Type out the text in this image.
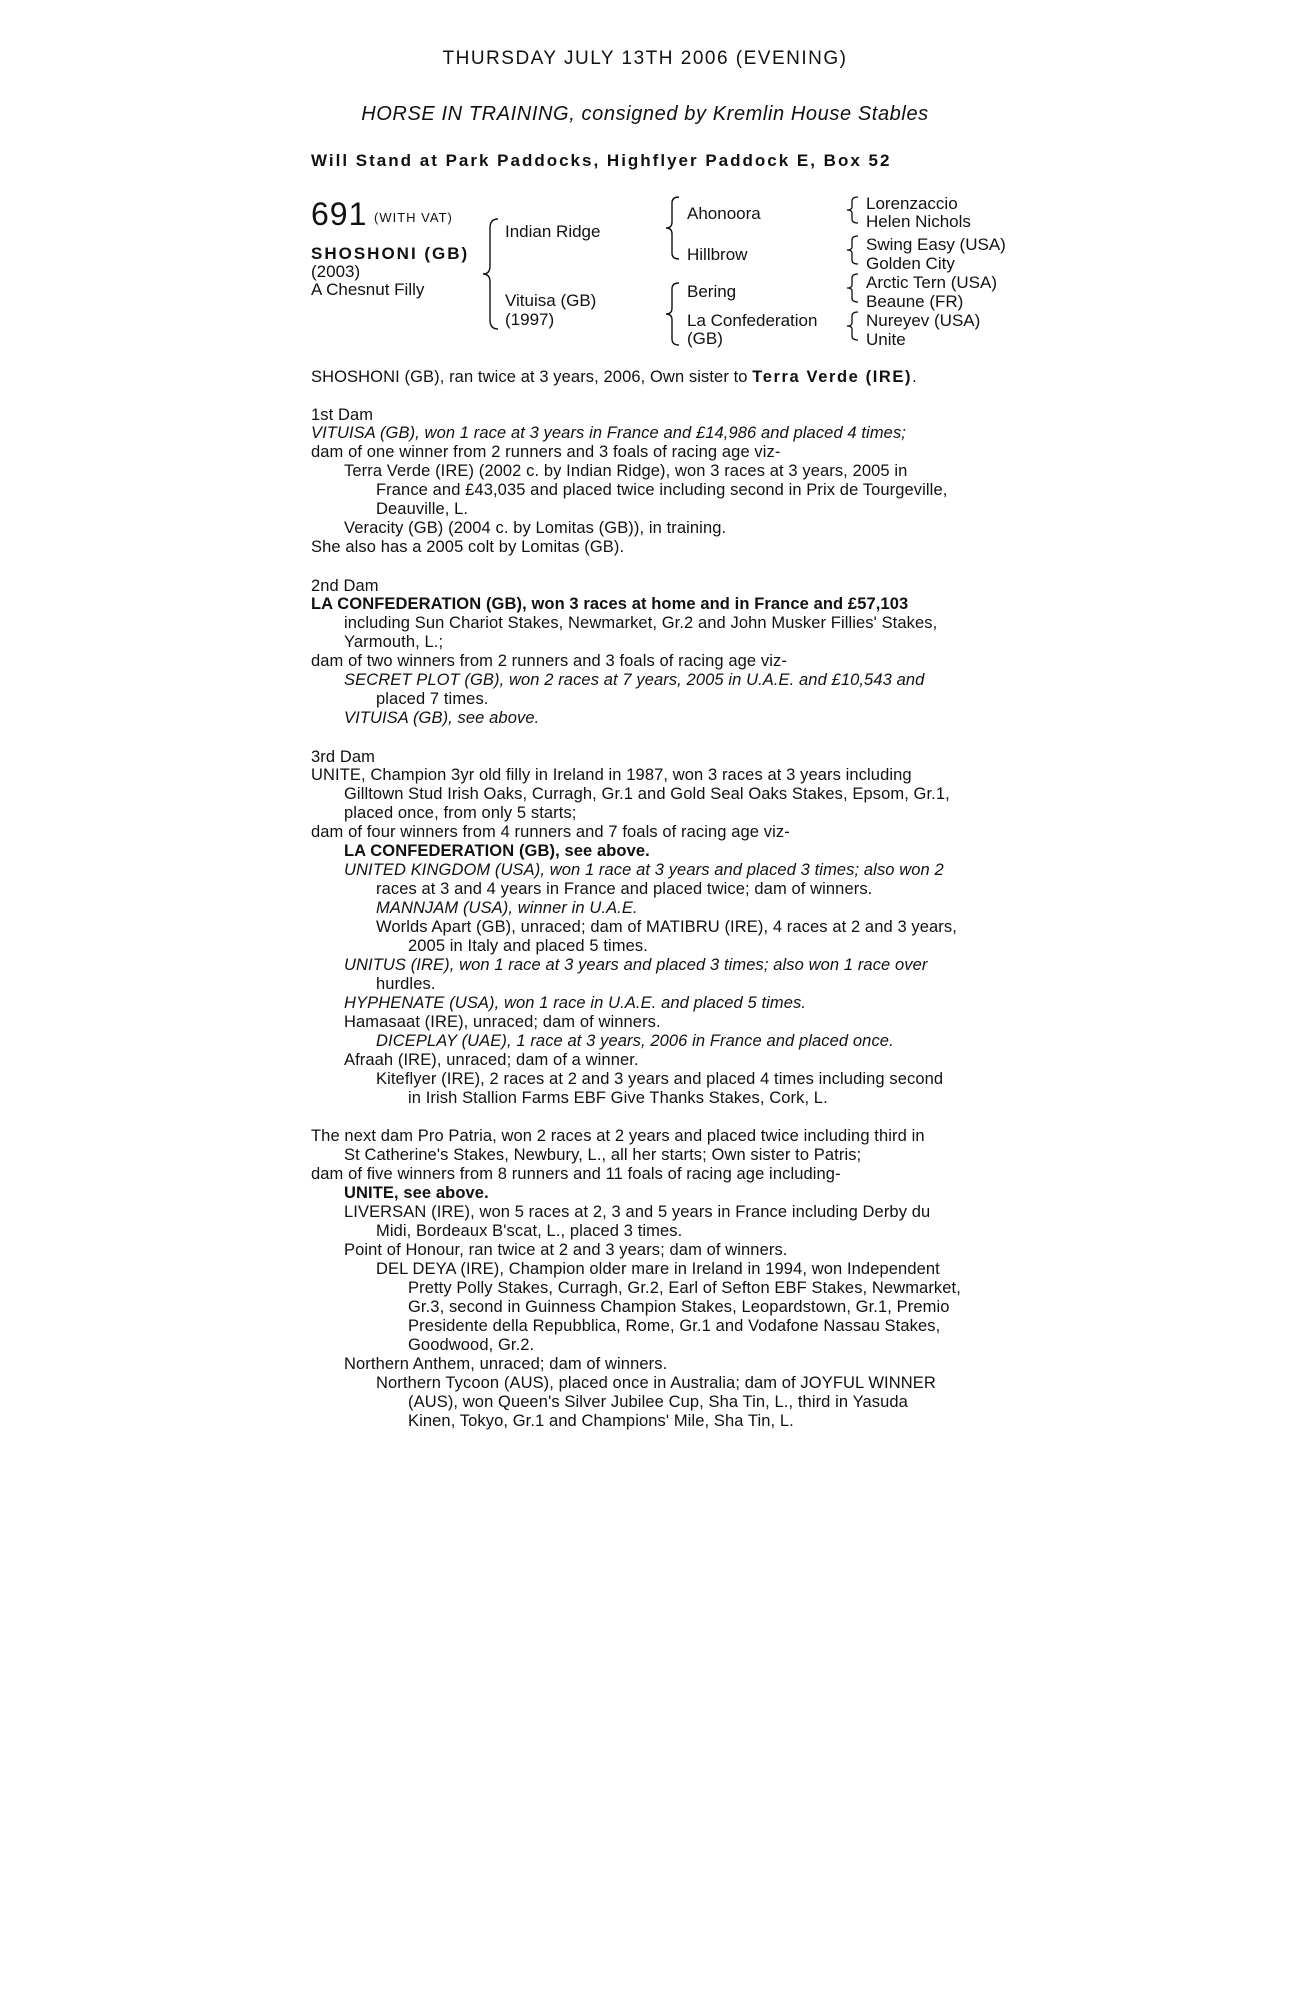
THURSDAY JULY 13TH 2006 (EVENING)
HORSE IN TRAINING, consigned by Kremlin House Stables
Will Stand at Park Paddocks, Highflyer Paddock E, Box 52
691 (WITH VAT)
SHOSHONI (GB)
(2003)
A Chesnut Filly
Indian Ridge
Vituisa (GB)
(1997)
Ahonoora
Hillbrow
Bering
La Confederation
(GB)
Lorenzaccio
Helen Nichols
Swing Easy (USA)
Golden City
Arctic Tern (USA)
Beaune (FR)
Nureyev (USA)
Unite
SHOSHONI (GB), ran twice at 3 years, 2006, Own sister to Terra Verde (IRE).
1st Dam
VITUISA (GB), won 1 race at 3 years in France and £14,986 and placed 4 times;
dam of one winner from 2 runners and 3 foals of racing age viz-
Terra Verde (IRE) (2002 c. by Indian Ridge), won 3 races at 3 years, 2005 in
France and £43,035 and placed twice including second in Prix de Tourgeville,
Deauville, L.
Veracity (GB) (2004 c. by Lomitas (GB)), in training.
She also has a 2005 colt by Lomitas (GB).
2nd Dam
LA CONFEDERATION (GB), won 3 races at home and in France and £57,103
including Sun Chariot Stakes, Newmarket, Gr.2 and John Musker Fillies' Stakes,
Yarmouth, L.;
dam of two winners from 2 runners and 3 foals of racing age viz-
SECRET PLOT (GB), won 2 races at 7 years, 2005 in U.A.E. and £10,543 and
placed 7 times.
VITUISA (GB), see above.
3rd Dam
UNITE, Champion 3yr old filly in Ireland in 1987, won 3 races at 3 years including
Gilltown Stud Irish Oaks, Curragh, Gr.1 and Gold Seal Oaks Stakes, Epsom, Gr.1,
placed once, from only 5 starts;
dam of four winners from 4 runners and 7 foals of racing age viz-
LA CONFEDERATION (GB), see above.
UNITED KINGDOM (USA), won 1 race at 3 years and placed 3 times; also won 2
races at 3 and 4 years in France and placed twice; dam of winners.
MANNJAM (USA), winner in U.A.E.
Worlds Apart (GB), unraced; dam of MATIBRU (IRE), 4 races at 2 and 3 years,
2005 in Italy and placed 5 times.
UNITUS (IRE), won 1 race at 3 years and placed 3 times; also won 1 race over
hurdles.
HYPHENATE (USA), won 1 race in U.A.E. and placed 5 times.
Hamasaat (IRE), unraced; dam of winners.
DICEPLAY (UAE), 1 race at 3 years, 2006 in France and placed once.
Afraah (IRE), unraced; dam of a winner.
Kiteflyer (IRE), 2 races at 2 and 3 years and placed 4 times including second
in Irish Stallion Farms EBF Give Thanks Stakes, Cork, L.
The next dam Pro Patria, won 2 races at 2 years and placed twice including third in
St Catherine's Stakes, Newbury, L., all her starts; Own sister to Patris;
dam of five winners from 8 runners and 11 foals of racing age including-
UNITE, see above.
LIVERSAN (IRE), won 5 races at 2, 3 and 5 years in France including Derby du
Midi, Bordeaux B'scat, L., placed 3 times.
Point of Honour, ran twice at 2 and 3 years; dam of winners.
DEL DEYA (IRE), Champion older mare in Ireland in 1994, won Independent
Pretty Polly Stakes, Curragh, Gr.2, Earl of Sefton EBF Stakes, Newmarket,
Gr.3, second in Guinness Champion Stakes, Leopardstown, Gr.1, Premio
Presidente della Repubblica, Rome, Gr.1 and Vodafone Nassau Stakes,
Goodwood, Gr.2.
Northern Anthem, unraced; dam of winners.
Northern Tycoon (AUS), placed once in Australia; dam of JOYFUL WINNER
(AUS), won Queen's Silver Jubilee Cup, Sha Tin, L., third in Yasuda
Kinen, Tokyo, Gr.1 and Champions' Mile, Sha Tin, L.
